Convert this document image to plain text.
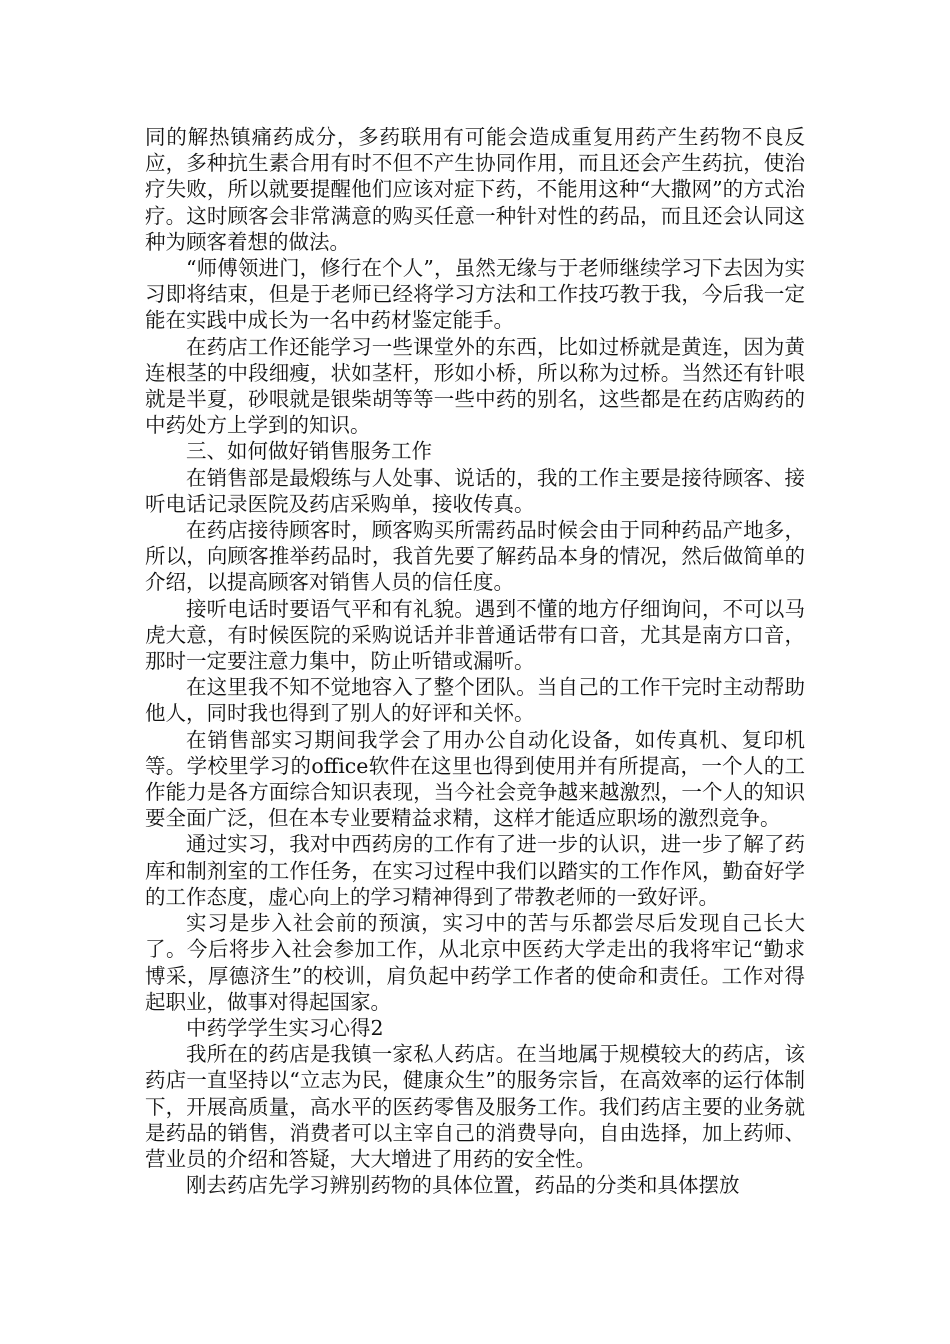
同的解热镇痛药成分，多药联用有可能会造成重复用药产生药物不良反应，多种抗生素合用有时不但不产生协同作用，而且还会产生药抗，使治疗失败，所以就要提醒他们应该对症下药，不能用这种“大撒网”的方式治疗。这时顾客会非常满意的购买任意一种针对性的药品，而且还会认同这种为顾客着想的做法。

“师傅领进门，修行在个人”，虽然无缘与于老师继续学习下去因为实习即将结束，但是于老师已经将学习方法和工作技巧教于我，今后我一定能在实践中成长为一名中药材鉴定能手。

在药店工作还能学习一些课堂外的东西，比如过桥就是黄连，因为黄连根茎的中段细瘦，状如茎杆，形如小桥，所以称为过桥。当然还有针哏就是半夏，砂哏就是银柴胡等等一些中药的别名，这些都是在药店购药的中药处方上学到的知识。

三、如何做好销售服务工作

在销售部是最煅练与人处事、说话的，我的工作主要是接待顾客、接听电话记录医院及药店采购单，接收传真。

在药店接待顾客时，顾客购买所需药品时候会由于同种药品产地多，所以，向顾客推举药品时，我首先要了解药品本身的情况，然后做简单的介绍，以提高顾客对销售人员的信任度。

接听电话时要语气平和有礼貌。遇到不懂的地方仔细询问，不可以马虎大意，有时候医院的采购说话并非普通话带有口音，尤其是南方口音，那时一定要注意力集中，防止听错或漏听。

在这里我不知不觉地容入了整个团队。当自己的工作干完时主动帮助他人，同时我也得到了别人的好评和关怀。

在销售部实习期间我学会了用办公自动化设备，如传真机、复印机等。学校里学习的office软件在这里也得到使用并有所提高，一个人的工作能力是各方面综合知识表现，当今社会竞争越来越激烈，一个人的知识要全面广泛，但在本专业要精益求精，这样才能适应职场的激烈竞争。

通过实习，我对中西药房的工作有了进一步的认识，进一步了解了药库和制剂室的工作任务，在实习过程中我们以踏实的工作作风，勤奋好学的工作态度，虚心向上的学习精神得到了带教老师的一致好评。

实习是步入社会前的预演，实习中的苦与乐都尝尽后发现自己长大了。今后将步入社会参加工作，从北京中医药大学走出的我将牢记“勤求博采，厚德济生”的校训，肩负起中药学工作者的使命和责任。工作对得起职业，做事对得起国家。

中药学学生实习心得2

我所在的药店是我镇一家私人药店。在当地属于规模较大的药店，该药店一直坚持以“立志为民，健康众生”的服务宗旨，在高效率的运行体制下，开展高质量，高水平的医药零售及服务工作。我们药店主要的业务就是药品的销售，消费者可以主宰自己的消费导向，自由选择，加上药师、营业员的介绍和答疑，大大增进了用药的安全性。

刚去药店先学习辨别药物的具体位置，药品的分类和具体摆放
